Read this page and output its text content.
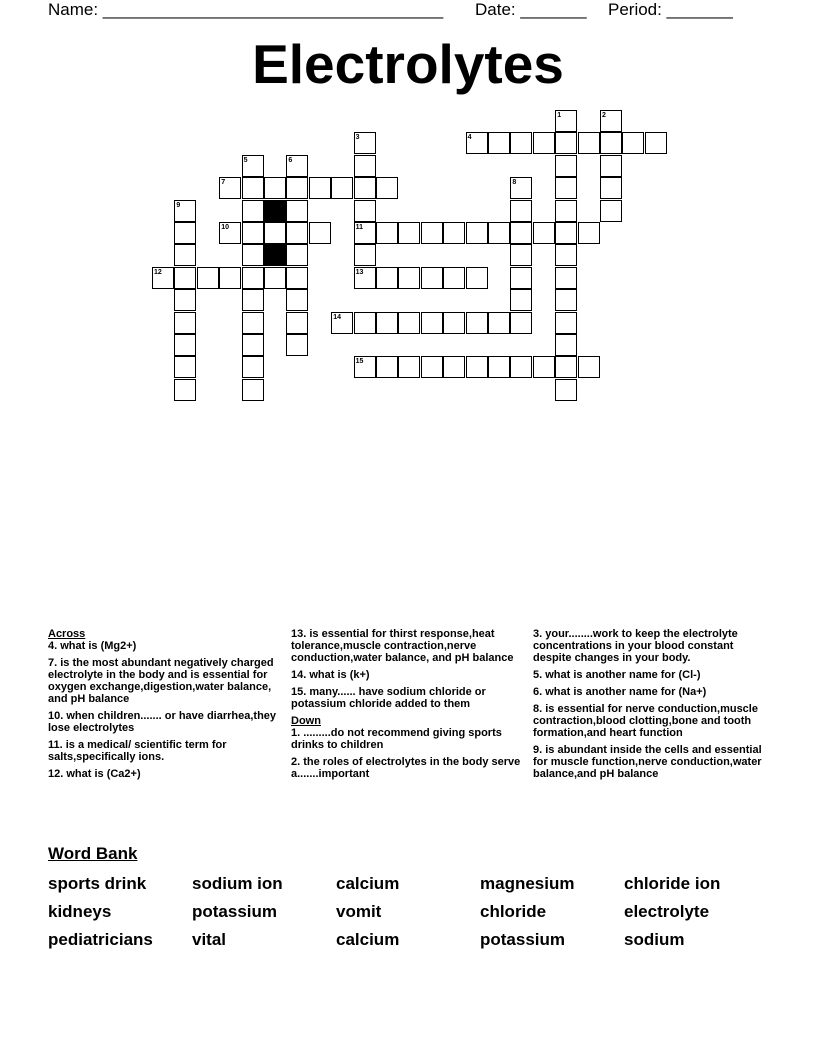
Name: ____________________________________ Date: _______ Period: _______
Electrolytes
1	2
3	4
5	6
7	8
9
10	11
12	13
14
15
Across
4. what is (Mg2+)
7. is the most abundant negatively charged electrolyte in the body and is essential for oxygen exchange,digestion,water balance, and pH balance
10. when children....... or have diarrhea,they lose electrolytes
11. is a medical/ scientific term for salts,specifically ions.
12. what is (Ca2+)
13. is essential for thirst response,heat tolerance,muscle contraction,nerve conduction,water balance, and pH balance
14. what is (k+)
15. many...... have sodium chloride or potassium chloride added to them
Down
1. .........do not recommend giving sports drinks to children
2. the roles of electrolytes in the body serve a.......important
3. your........work to keep the electrolyte concentrations in your blood constant despite changes in your body.
5. what is another name for (Cl-)
6. what is another name for (Na+)
8. is essential for nerve conduction,muscle contraction,blood clotting,bone and tooth formation,and heart function
9. is abundant inside the cells and essential for muscle function,nerve conduction,water balance,and pH balance
Word Bank
sports drink	sodium ion	calcium	magnesium	chloride ion
kidneys	potassium	vomit	chloride	electrolyte
pediatricians vital	calcium	potassium	sodium
